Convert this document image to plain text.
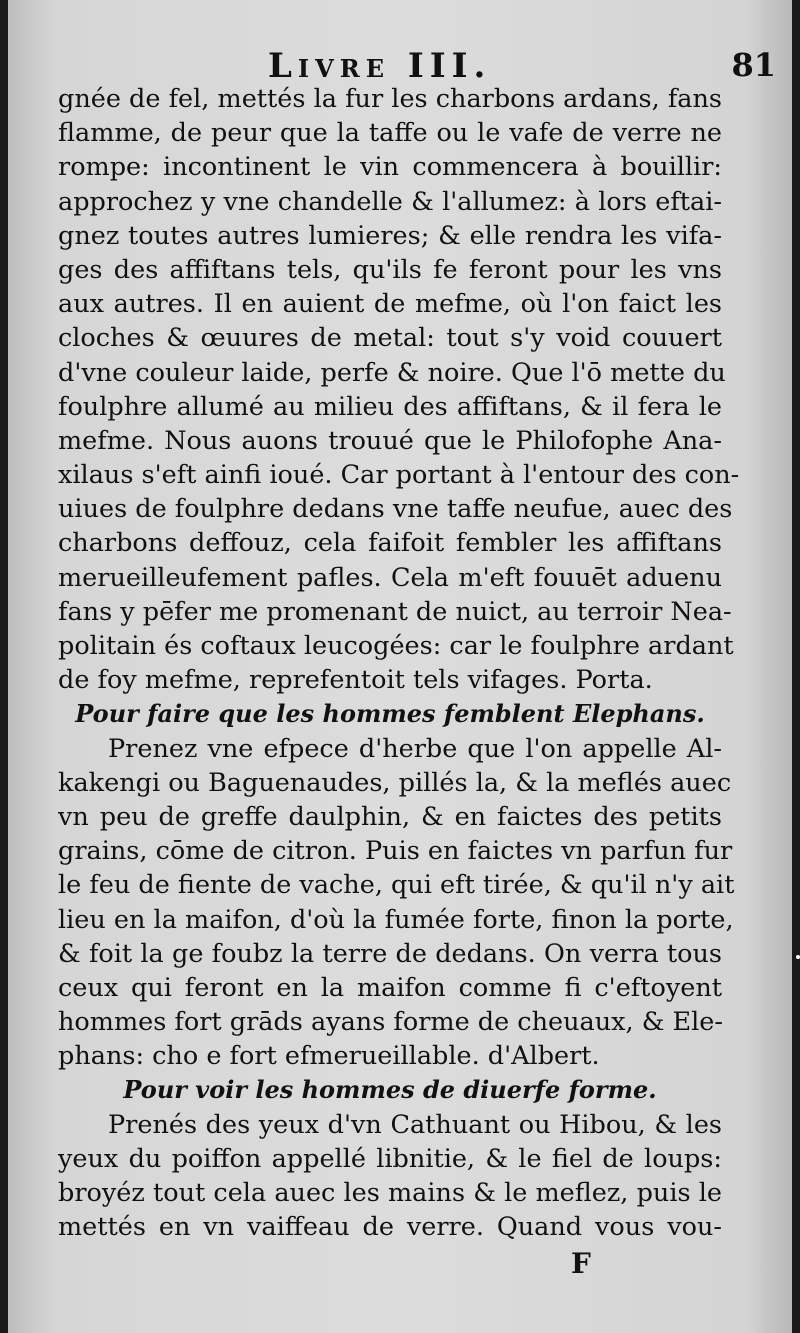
Livre III.	81
gnée de fel, mettés la fur les charbons ardans, fans
flamme, de peur que la taffe ou le vafe de verre ne
rompe: incontinent le vin commencera à bouillir:
approchez y vne chandelle & l'allumez: à lors eftai-
gnez toutes autres lumieres; & elle rendra les vifa-
ges des affiftans tels, qu'ils fe feront pour les vns
aux autres. Il en auient de mefme, où l'on faict les
cloches & œuures de metal: tout s'y void couuert
d'vne couleur laide, perfe & noire. Que l'ō mette du
foulphre allumé au milieu des affiftans, & il fera le
mefme. Nous auons trouué que le Philofophe Ana-
xilaus s'eft ainfi ioué. Car portant à l'entour des con-
uiues de foulphre dedans vne taffe neufue, auec des
charbons deffouz, cela faifoit fembler les affiftans
merueilleufement pafles. Cela m'eft fouuēt aduenu
fans y pēfer me promenant de nuict, au terroir Nea-
politain és coftaux leucogées: car le foulphre ardant
de foy mefme, reprefentoit tels vifages. Porta.
Pour faire que les hommes femblent Elephans.
Prenez vne efpece d'herbe que l'on appelle Al-
kakengi ou Baguenaudes, pillés la, & la meflés auec
vn peu de greffe daulphin, & en faictes des petits
grains, cōme de citron. Puis en faictes vn parfun fur
le feu de fiente de vache, qui eft tirée, & qu'il n'y ait
lieu en la maifon, d'où la fumée forte, finon la porte,
& foit la ge foubz la terre de dedans. On verra tous
ceux qui feront en la maifon comme fi c'eftoyent
hommes fort grāds ayans forme de cheuaux, & Ele-
phans: cho e fort efmerueillable. d'Albert.
Pour voir les hommes de diuerfe forme.
Prenés des yeux d'vn Cathuant ou Hibou, & les
yeux du poiffon appellé libnitie, & le fiel de loups:
broyéz tout cela auec les mains & le meflez, puis le
mettés en vn vaiffeau de verre. Quand vous vou-
F
